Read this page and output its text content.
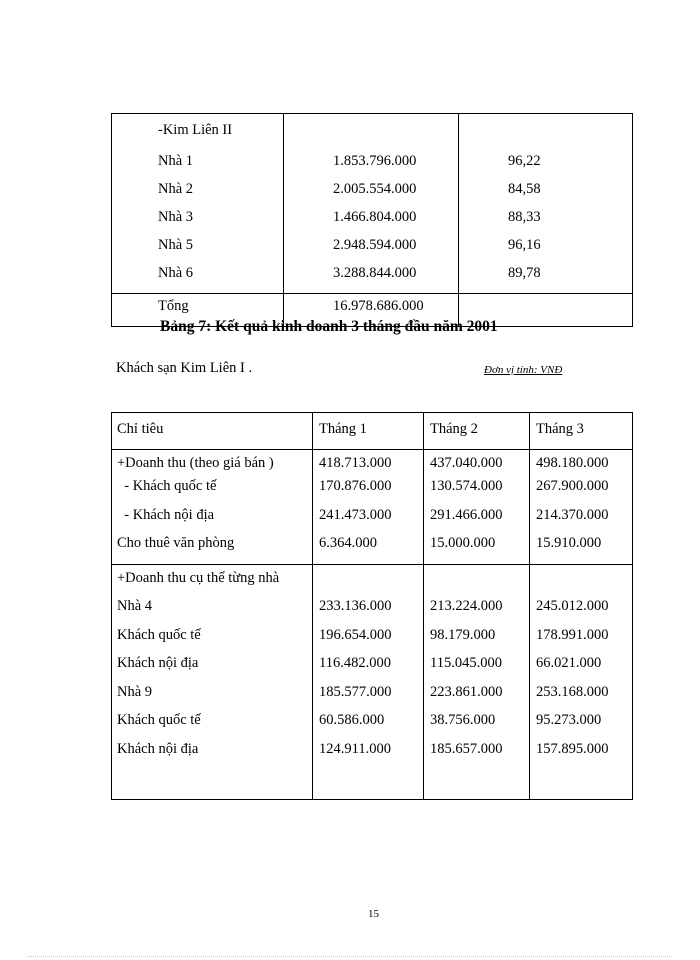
-Kim Liên II		
Nhà 1	1.853.796.000	96,22
Nhà 2	2.005.554.000	84,58
Nhà 3	1.466.804.000	88,33
Nhà 5	2.948.594.000	96,16
Nhà 6	3.288.844.000	89,78
Tổng	16.978.686.000	
Bảng 7: Kết quả kinh doanh 3 tháng đầu năm 2001
Khách sạn Kim Liên I .	Đơn vị tính: VNĐ
Chỉ tiêu	Tháng 1	Tháng 2	Tháng 3
+Doanh thu (theo giá bán )	418.713.000	437.040.000	498.180.000
- Khách quốc tế	170.876.000	130.574.000	267.900.000
- Khách nội địa	241.473.000	291.466.000	214.370.000
Cho thuê văn phòng	6.364.000	15.000.000	15.910.000
+Doanh thu cụ thể từng nhà			
Nhà 4	233.136.000	213.224.000	245.012.000
Khách quốc tế	196.654.000	98.179.000	178.991.000
Khách nội địa	116.482.000	115.045.000	66.021.000
Nhà 9	185.577.000	223.861.000	253.168.000
Khách quốc tế	60.586.000	38.756.000	95.273.000
Khách nội địa	124.911.000	185.657.000	157.895.000

15
